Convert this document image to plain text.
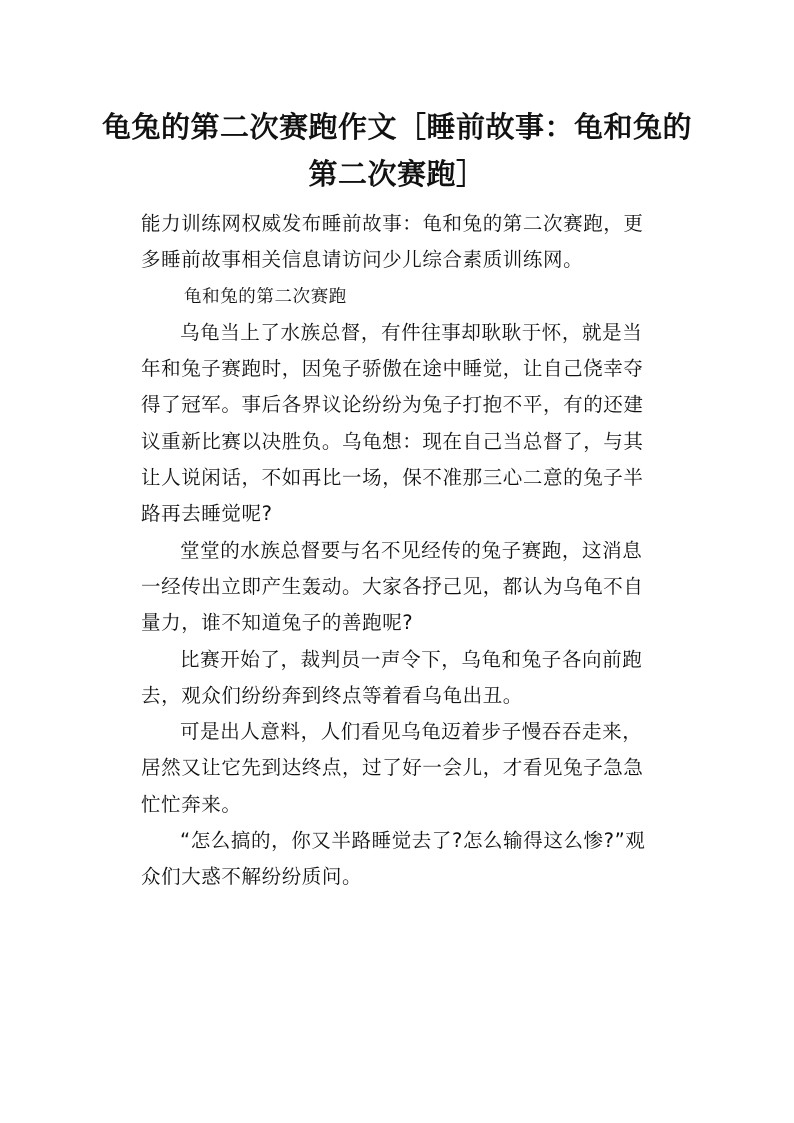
龟兔的第二次赛跑作文［睡前故事：龟和兔的第二次赛跑］

能力训练网权威发布睡前故事：龟和兔的第二次赛跑，更多睡前故事相关信息请访问少儿综合素质训练网。

龟和兔的第二次赛跑

乌龟当上了水族总督，有件往事却耿耿于怀，就是当年和兔子赛跑时，因兔子骄傲在途中睡觉，让自己侥幸夺得了冠军。事后各界议论纷纷为兔子打抱不平，有的还建议重新比赛以决胜负。乌龟想：现在自己当总督了，与其让人说闲话，不如再比一场，保不准那三心二意的兔子半路再去睡觉呢?

堂堂的水族总督要与名不见经传的兔子赛跑，这消息一经传出立即产生轰动。大家各抒己见，都认为乌龟不自量力，谁不知道兔子的善跑呢?

比赛开始了，裁判员一声令下，乌龟和兔子各向前跑去，观众们纷纷奔到终点等着看乌龟出丑。

可是出人意料，人们看见乌龟迈着步子慢吞吞走来，居然又让它先到达终点，过了好一会儿，才看见兔子急急忙忙奔来。

“怎么搞的，你又半路睡觉去了?怎么输得这么惨?”观众们大惑不解纷纷质问。
